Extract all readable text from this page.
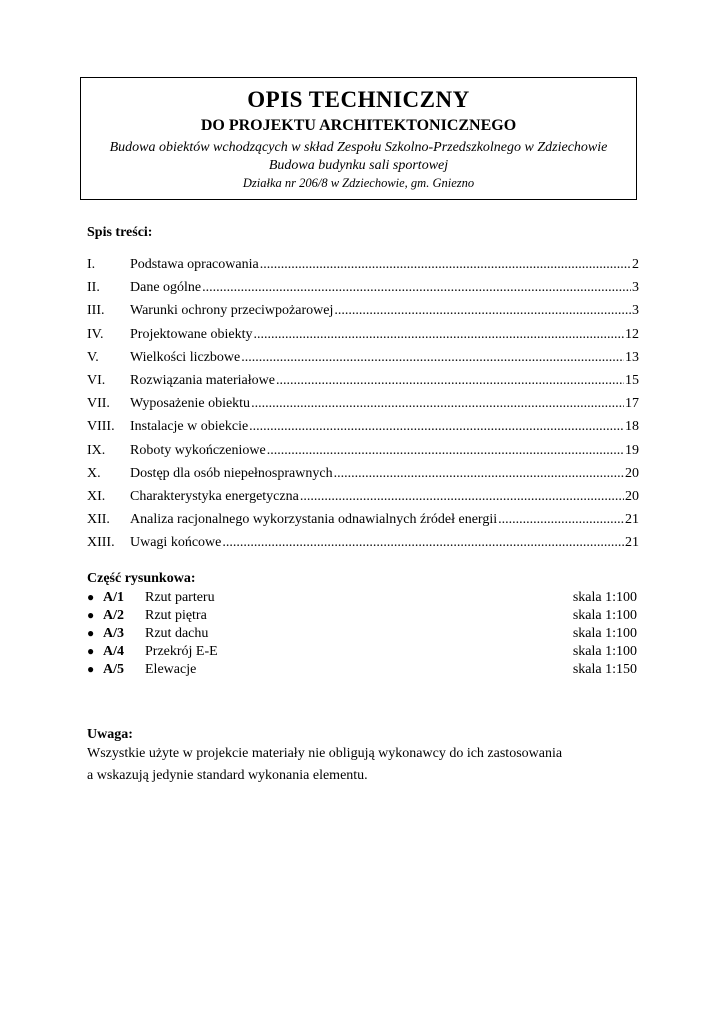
OPIS TECHNICZNY
DO PROJEKTU ARCHITEKTONICZNEGO
Budowa obiektów wchodzących w skład Zespołu Szkolno-Przedszkolnego w Zdziechowie
Budowa budynku sali sportowej
Działka nr 206/8 w Zdziechowie, gm. Gniezno
Spis treści:
I.	Podstawa opracowania .....	2
II.	Dane ogólne .....	3
III.	Warunki ochrony przeciwpożarowej .....	3
IV.	Projektowane obiekty .....	12
V.	Wielkości liczbowe .....	13
VI.	Rozwiązania materiałowe .....	15
VII.	Wyposażenie obiektu .....	17
VIII.	Instalacje w obiekcie .....	18
IX.	Roboty wykończeniowe .....	19
X.	Dostęp dla osób niepełnosprawnych .....	20
XI.	Charakterystyka energetyczna .....	20
XII.	Analiza racjonalnego wykorzystania odnawialnych źródeł energii .....	21
XIII.	Uwagi końcowe .....	21
Część rysunkowa:
● A/1	Rzut parteru	skala 1:100
● A/2	Rzut piętra	skala 1:100
● A/3	Rzut dachu	skala 1:100
● A/4	Przekrój E-E	skala 1:100
● A/5	Elewacje	skala 1:150
Uwaga:

Wszystkie użyte w projekcie materiały nie obligują wykonawcy do ich zastosowania

a wskazują jedynie standard wykonania elementu.
